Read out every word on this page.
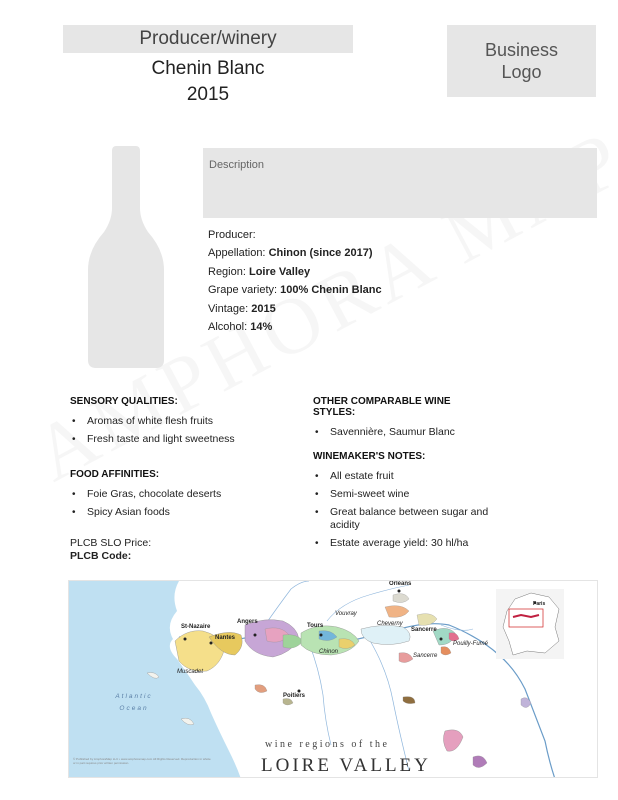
Producer/winery
Chenin Blanc
2015
Business
Logo
Description
Producer:
Appellation: Chinon (since 2017)
Region: Loire Valley
Grape variety: 100% Chenin Blanc
Vintage: 2015
Alcohol: 14%
SENSORY QUALITIES:
• Aromas of white flesh fruits
• Fresh taste and light sweetness
FOOD AFFINITIES:
• Foie Gras, chocolate deserts
• Spicy Asian foods
OTHER COMPARABLE WINE STYLES:
• Savennière, Saumur Blanc
WINEMAKER'S NOTES:
• All estate fruit
• Semi-sweet wine
• Great balance between sugar and acidity
• Estate average yield: 30 hl/ha
PLCB SLO Price:
PLCB Code:
St-Nazaire
Nantes
Angers
Tours
Orléans
Sancerre
Poitiers
Chinon
Vouvray
Cheverny
Muscadet
Pouilly-Fumé
Sancerre
Atlantic Ocean
Paris
wine regions of the
LOIRE VALLEY
© Published by AmphoraMap LLC • www.amphoramap.com All Rights Reserved. Reproduction in whole or in part requires prior written permission.
